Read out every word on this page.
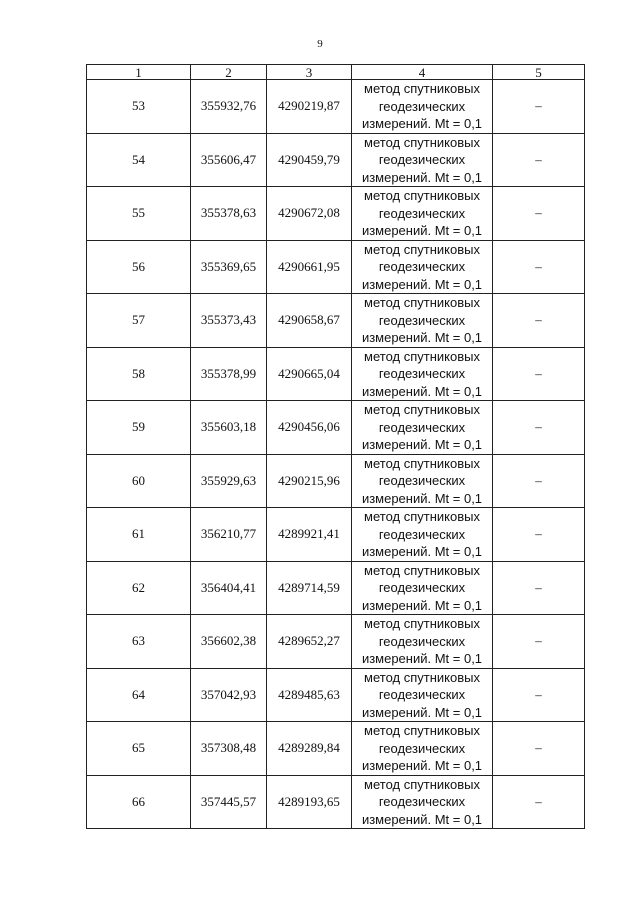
9
1	2	3	4	5
53	355932,76	4290219,87	метод спутниковых
геодезических
измерений. Mt = 0,1	–
54	355606,47	4290459,79	метод спутниковых
геодезических
измерений. Mt = 0,1	–
55	355378,63	4290672,08	метод спутниковых
геодезических
измерений. Mt = 0,1	–
56	355369,65	4290661,95	метод спутниковых
геодезических
измерений. Mt = 0,1	–
57	355373,43	4290658,67	метод спутниковых
геодезических
измерений. Mt = 0,1	–
58	355378,99	4290665,04	метод спутниковых
геодезических
измерений. Mt = 0,1	–
59	355603,18	4290456,06	метод спутниковых
геодезических
измерений. Mt = 0,1	–
60	355929,63	4290215,96	метод спутниковых
геодезических
измерений. Mt = 0,1	–
61	356210,77	4289921,41	метод спутниковых
геодезических
измерений. Mt = 0,1	–
62	356404,41	4289714,59	метод спутниковых
геодезических
измерений. Mt = 0,1	–
63	356602,38	4289652,27	метод спутниковых
геодезических
измерений. Mt = 0,1	–
64	357042,93	4289485,63	метод спутниковых
геодезических
измерений. Mt = 0,1	–
65	357308,48	4289289,84	метод спутниковых
геодезических
измерений. Mt = 0,1	–
66	357445,57	4289193,65	метод спутниковых
геодезических
измерений. Mt = 0,1	–
